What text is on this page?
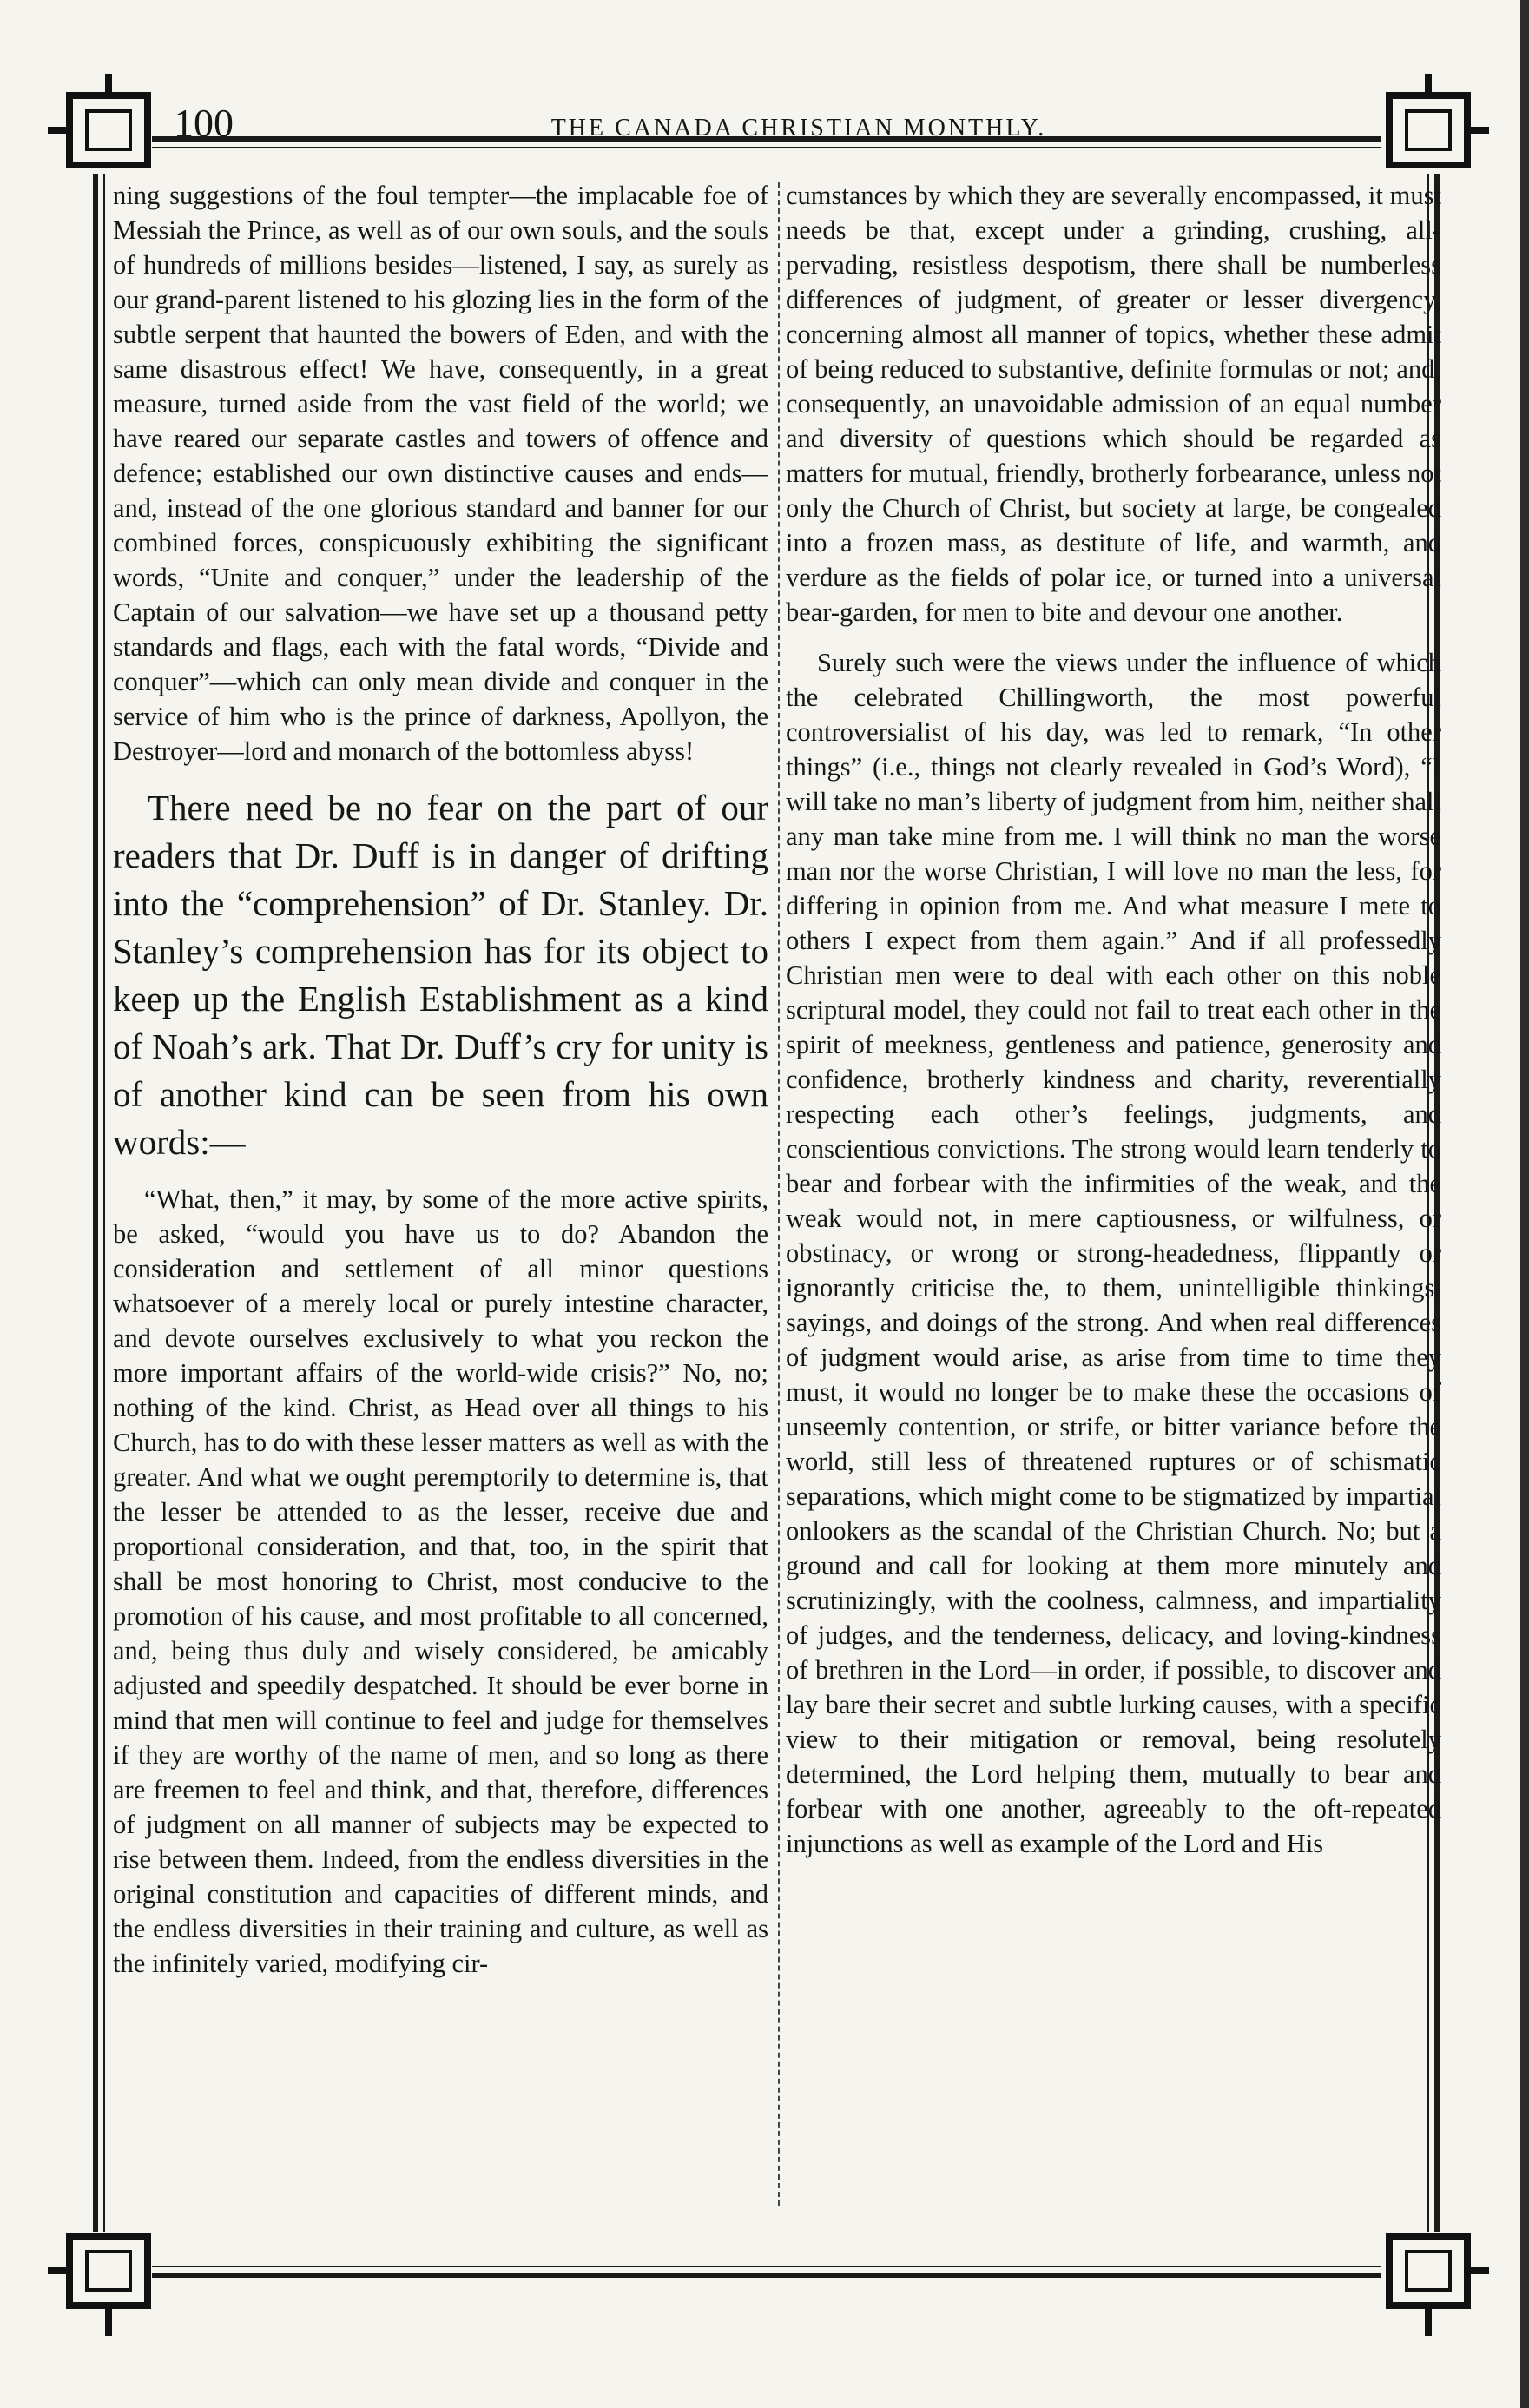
100	THE CANADA CHRISTIAN MONTHLY.

ning suggestions of the foul tempter—the implacable foe of Messiah the Prince, as well as of our own souls, and the souls of hundreds of millions besides—listened, I say, as surely as our grand-parent listened to his glozing lies in the form of the subtle serpent that haunted the bowers of Eden, and with the same disastrous effect! We have, consequently, in a great measure, turned aside from the vast field of the world; we have reared our separate castles and towers of offence and defence; established our own distinctive causes and ends—and, instead of the one glorious standard and banner for our combined forces, conspicuously exhibiting the significant words, “Unite and conquer,” under the leadership of the Captain of our salvation—we have set up a thousand petty standards and flags, each with the fatal words, “Divide and conquer”—which can only mean divide and conquer in the service of him who is the prince of darkness, Apollyon, the Destroyer—lord and monarch of the bottomless abyss!

There need be no fear on the part of our readers that Dr. Duff is in danger of drifting into the “comprehension” of Dr. Stanley. Dr. Stanley’s comprehension has for its object to keep up the English Establishment as a kind of Noah’s ark. That Dr. Duff’s cry for unity is of another kind can be seen from his own words:—

“What, then,” it may, by some of the more active spirits, be asked, “would you have us to do? Abandon the consideration and settlement of all minor questions whatsoever of a merely local or purely intestine character, and devote ourselves exclusively to what you reckon the more important affairs of the world-wide crisis?” No, no; nothing of the kind. Christ, as Head over all things to his Church, has to do with these lesser matters as well as with the greater. And what we ought peremptorily to determine is, that the lesser be attended to as the lesser, receive due and proportional consideration, and that, too, in the spirit that shall be most honoring to Christ, most conducive to the promotion of his cause, and most profitable to all concerned, and, being thus duly and wisely considered, be amicably adjusted and speedily despatched. It should be ever borne in mind that men will continue to feel and judge for themselves if they are worthy of the name of men, and so long as there are freemen to feel and think, and that, therefore, differences of judgment on all manner of subjects may be expected to rise between them. Indeed, from the endless diversities in the original constitution and capacities of different minds, and the endless diversities in their training and culture, as well as the infinitely varied, modifying cir-

cumstances by which they are severally encompassed, it must needs be that, except under a grinding, crushing, all-pervading, resistless despotism, there shall be numberless differences of judgment, of greater or lesser divergency, concerning almost all manner of topics, whether these admit of being reduced to substantive, definite formulas or not; and, consequently, an unavoidable admission of an equal number and diversity of questions which should be regarded as matters for mutual, friendly, brotherly forbearance, unless not only the Church of Christ, but society at large, be congealed into a frozen mass, as destitute of life, and warmth, and verdure as the fields of polar ice, or turned into a universal bear-garden, for men to bite and devour one another.

Surely such were the views under the influence of which the celebrated Chillingworth, the most powerful controversialist of his day, was led to remark, “In other things” (i.e., things not clearly revealed in God’s Word), “I will take no man’s liberty of judgment from him, neither shall any man take mine from me. I will think no man the worse man nor the worse Christian, I will love no man the less, for differing in opinion from me. And what measure I mete to others I expect from them again.” And if all professedly Christian men were to deal with each other on this noble scriptural model, they could not fail to treat each other in the spirit of meekness, gentleness and patience, generosity and confidence, brotherly kindness and charity, reverentially respecting each other’s feelings, judgments, and conscientious convictions. The strong would learn tenderly to bear and forbear with the infirmities of the weak, and the weak would not, in mere captiousness, or wilfulness, or obstinacy, or wrong or strong-headedness, flippantly or ignorantly criticise the, to them, unintelligible thinkings, sayings, and doings of the strong. And when real differences of judgment would arise, as arise from time to time they must, it would no longer be to make these the occasions of unseemly contention, or strife, or bitter variance before the world, still less of threatened ruptures or of schismatic separations, which might come to be stigmatized by impartial onlookers as the scandal of the Christian Church. No; but a ground and call for looking at them more minutely and scrutinizingly, with the coolness, calmness, and impartiality of judges, and the tenderness, delicacy, and loving-kindness of brethren in the Lord—in order, if possible, to discover and lay bare their secret and subtle lurking causes, with a specific view to their mitigation or removal, being resolutely determined, the Lord helping them, mutually to bear and forbear with one another, agreeably to the oft-repeated injunctions as well as example of the Lord and His
